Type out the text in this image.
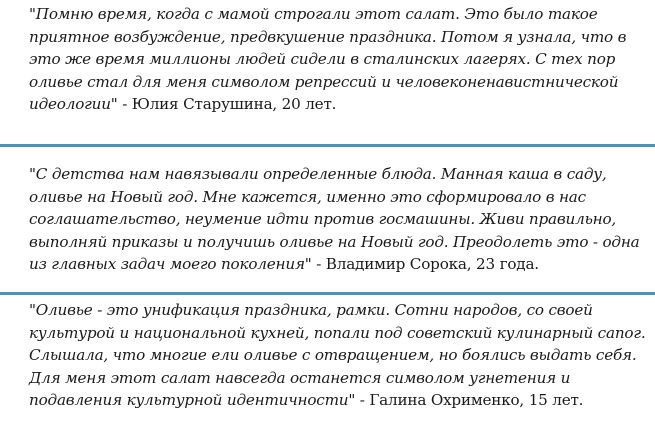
"Помню время, когда с мамой строгали этот салат. Это было такое приятное возбуждение, предвкушение праздника. Потом я узнала, что в это же время миллионы людей сидели в сталинских лагерях. С тех пор оливье стал для меня символом репрессий и человеконенавистнической идеологии" - Юлия Старушина, 20 лет.

"С детства нам навязывали определенные блюда. Манная каша в саду, оливье на Новый год. Мне кажется, именно это сформировало в нас соглашательство, неумение идти против госмашины. Живи правильно, выполняй приказы и получишь оливье на Новый год. Преодолеть это - одна из главных задач моего поколения" - Владимир Сорока, 23 года.

"Оливье - это унификация праздника, рамки. Сотни народов, со своей культурой и национальной кухней, попали под советский кулинарный сапог. Слышала, что многие ели оливье с отвращением, но боялись выдать себя. Для меня этот салат навсегда останется символом угнетения и подавления культурной идентичности" - Галина Охрименко, 15 лет.
